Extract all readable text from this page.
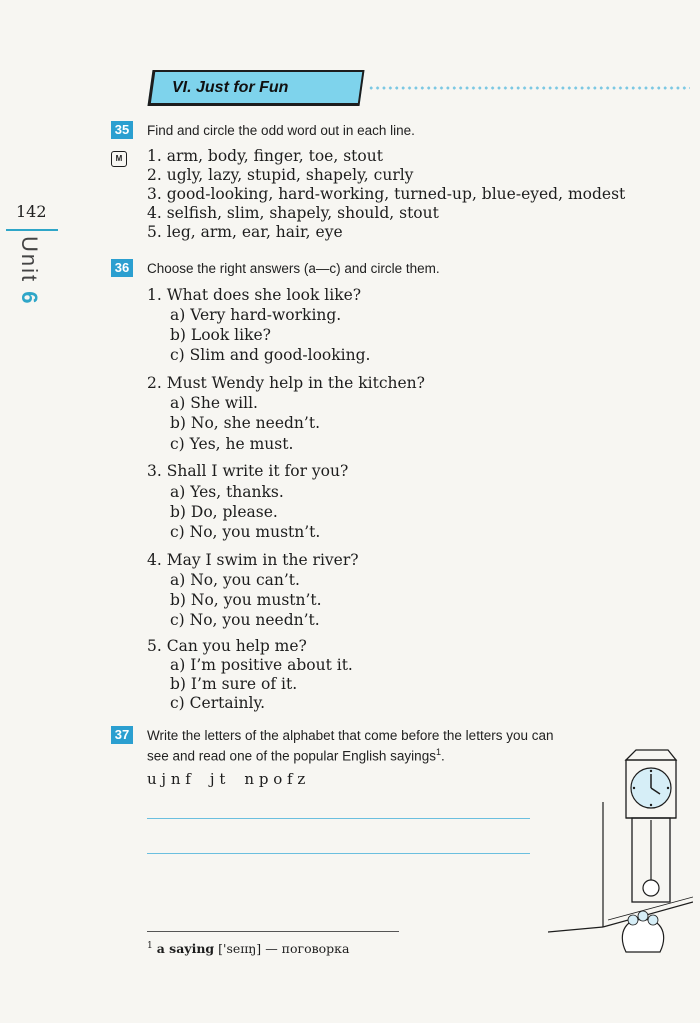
142
Unit 6
VI. Just for Fun
35 Find and circle the odd word out in each line.
M	1. arm, body, finger, toe, stout
2. ugly, lazy, stupid, shapely, curly
3. good-looking, hard-working, turned-up, blue-eyed, modest
4. selfish, slim, shapely, should, stout
5. leg, arm, ear, hair, eye
36 Choose the right answers (a—c) and circle them.
1. What does she look like?
a) Very hard-working.
b) Look like?
c) Slim and good-looking.
2. Must Wendy help in the kitchen?
a) She will.
b) No, she needn’t.
c) Yes, he must.
3. Shall I write it for you?
a) Yes, thanks.
b) Do, please.
c) No, you mustn’t.
4. May I swim in the river?
a) No, you can’t.
b) No, you mustn’t.
c) No, you needn’t.
5. Can you help me?
a) I’m positive about it.
b) I’m sure of it.
c) Certainly.
37 Write the letters of the alphabet that come before the letters you can
see and read one of the popular English sayings$^1$.
u j n f    j t    n p o f z
$^1$ a saying ['seɪɪŋ] — поговорка
